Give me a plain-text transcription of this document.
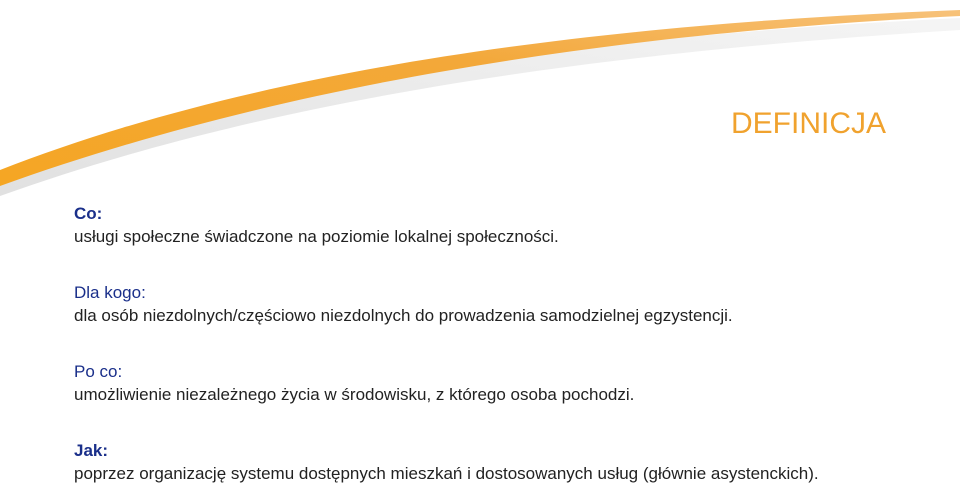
DEFINICJA
Co:
usługi społeczne świadczone na poziomie lokalnej społeczności.
Dla kogo:
dla osób niezdolnych/częściowo niezdolnych do prowadzenia samodzielnej egzystencji.
Po co:
umożliwienie niezależnego życia w środowisku, z którego osoba pochodzi.
Jak:
poprzez organizację systemu dostępnych mieszkań i dostosowanych usług (głównie asystenckich).
